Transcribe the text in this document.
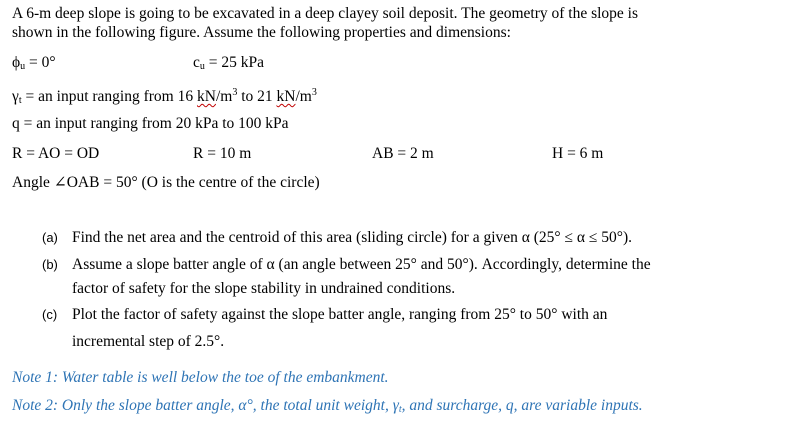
A 6-m deep slope is going to be excavated in a deep clayey soil deposit. The geometry of the slope is
shown in the following figure. Assume the following properties and dimensions:
$\phi_u = 0^\circ$	$c_u = 25$ kPa
$\gamma_t$ = an input ranging from 16 $kN/m^3$ to 21 $kN/m^3$
q = an input ranging from 20 kPa to 100 kPa
R = AO = OD	R = 10 m	AB = 2 m	H = 6 m
Angle ∠OAB = 50° (O is the centre of the circle)
(a) Find the net area and the centroid of this area (sliding circle) for a given α (25° ≤ α ≤ 50°).
(b) Assume a slope batter angle of α (an angle between 25° and 50°). Accordingly, determine the
factor of safety for the slope stability in undrained conditions.
(c) Plot the factor of safety against the slope batter angle, ranging from 25° to 50° with an
incremental step of 2.5°.
Note 1: Water table is well below the toe of the embankment.
Note 2: Only the slope batter angle, α°, the total unit weight, $\gamma_t$, and surcharge, q, are variable inputs.
